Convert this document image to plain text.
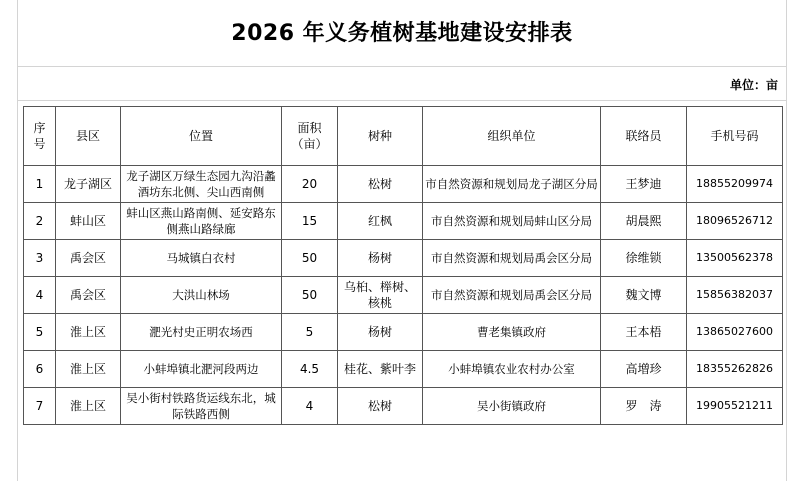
2026 年义务植树基地建设安排表
单位：亩
序号	县区	位置	面积（亩）	树种	组织单位	联络员	手机号码
1	龙子湖区	龙子湖区万绿生态园九沟沿蠡酒坊东北侧、尖山西南侧	20	松树	市自然资源和规划局龙子湖区分局	王梦迪	18855209974
2	蚌山区	蚌山区燕山路南侧、延安路东侧燕山路绿廊	15	红枫	市自然资源和规划局蚌山区分局	胡晨熙	18096526712
3	禹会区	马城镇白衣村	50	杨树	市自然资源和规划局禹会区分局	徐维锁	13500562378
4	禹会区	大洪山林场	50	乌桕、榉树、核桃	市自然资源和规划局禹会区分局	魏文博	15856382037
5	淮上区	淝光村史正明农场西	5	杨树	曹老集镇政府	王本梧	13865027600
6	淮上区	小蚌埠镇北淝河段两边	4.5	桂花、紫叶李	小蚌埠镇农业农村办公室	高増珍	18355262826
7	淮上区	吴小街村铁路货运线东北，城际铁路西侧	4	松树	吴小街镇政府	罗　涛	19905521211
